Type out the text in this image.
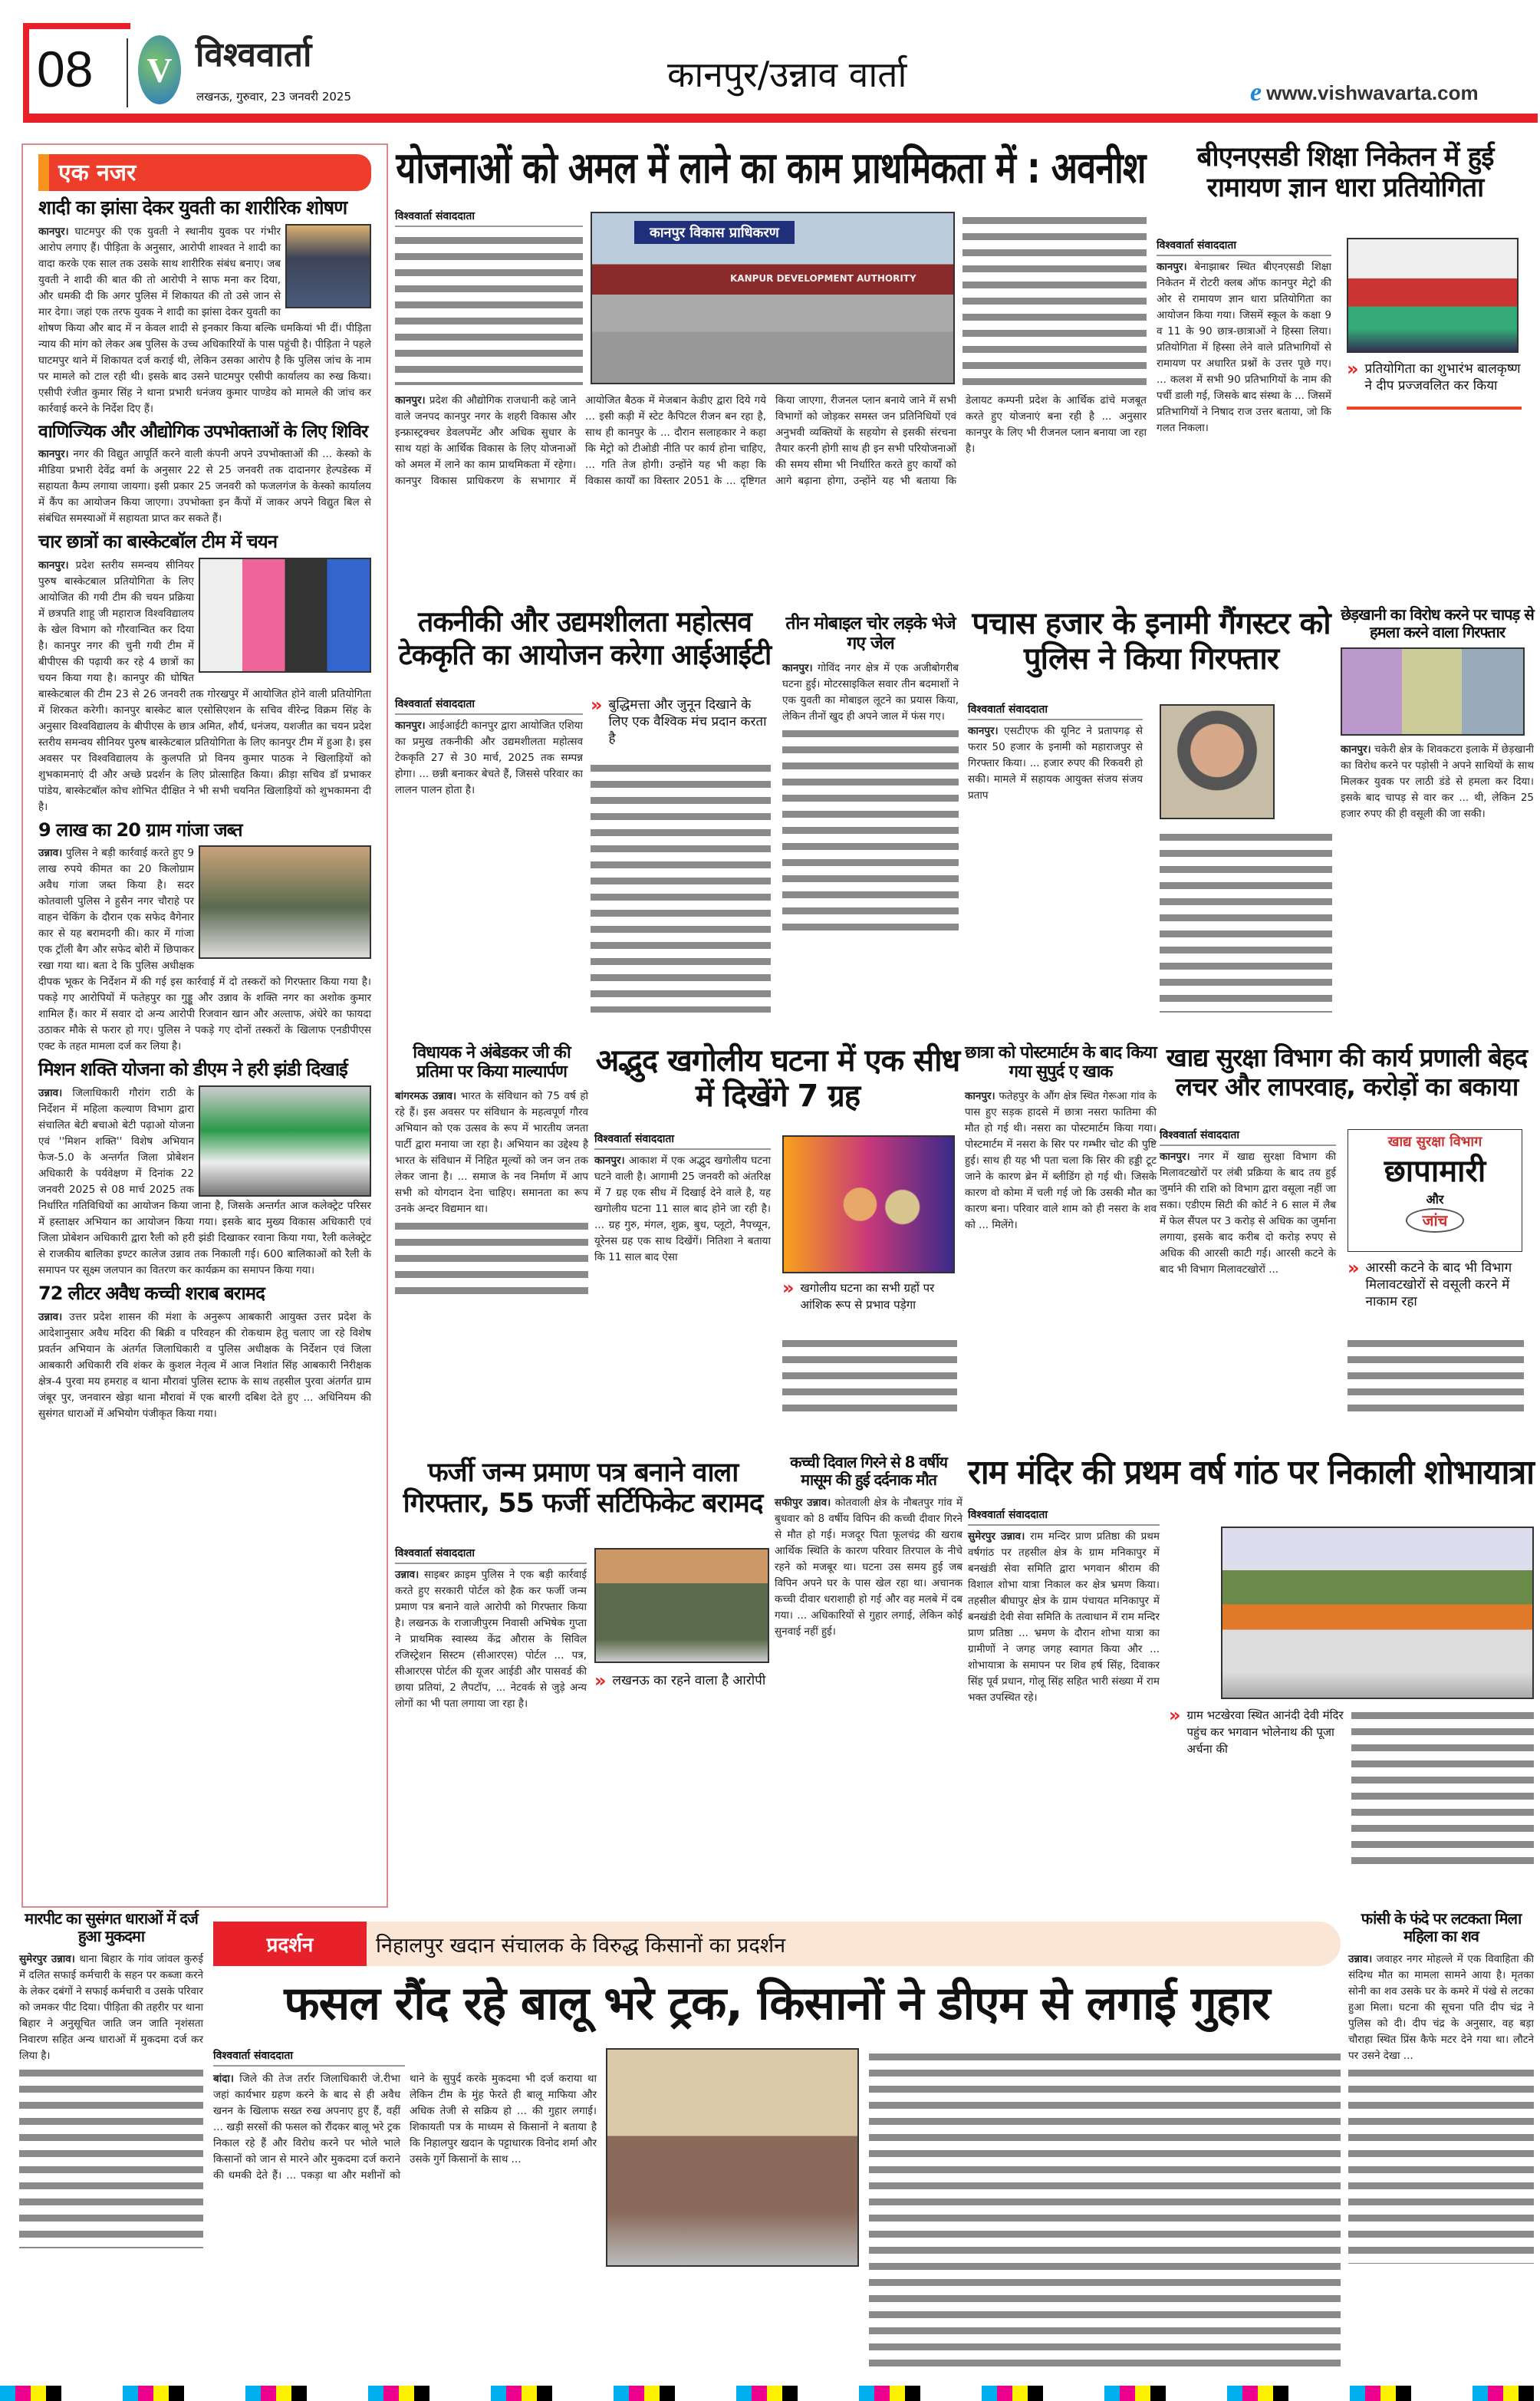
08 V विश्ववार्ता
लखनऊ, गुरुवार, 23 जनवरी 2025
कानपुर/उन्नाव वार्ता	e www.vishwavarta.com
एक नजर
शादी का झांसा देकर युवती का शारीरिक शोषण

कानपुर। घाटमपुर की एक युवती ने स्थानीय युवक पर गंभीर आरोप लगाए हैं। पीड़िता के अनुसार, आरोपी शाश्वत ने शादी का वादा करके एक साल तक उसके साथ शारीरिक संबंध बनाए। जब युवती ने शादी की बात की तो आरोपी ने साफ मना कर दिया, और धमकी दी कि अगर पुलिस में शिकायत की तो उसे जान से मार देगा। जहां एक तरफ युवक ने शादी का झांसा देकर युवती का शोषण किया और बाद में न केवल शादी से इनकार किया बल्कि धमकियां भी दीं। पीड़िता न्याय की मांग को लेकर अब पुलिस के उच्च अधिकारियों के पास पहुंची है। पीड़िता ने पहले घाटमपुर थाने में शिकायत दर्ज कराई थी, लेकिन उसका आरोप है कि पुलिस जांच के नाम पर मामले को टाल रही थी। इसके बाद उसने घाटमपुर एसीपी कार्यालय का रुख किया। एसीपी रंजीत कुमार सिंह ने थाना प्रभारी धनंजय कुमार पाण्डेय को मामले की जांच कर कार्रवाई करने के निर्देश दिए हैं।

वाणिज्यिक और औद्योगिक उपभोक्ताओं के लिए शिविर

कानपुर। नगर की विद्युत आपूर्ति करने वाली कंपनी अपने उपभोक्ताओं की ... केस्को के मीडिया प्रभारी देवेंद्र वर्मा के अनुसार 22 से 25 जनवरी तक दादानगर हेल्पडेस्क में सहायता कैम्प लगाया जायगा। इसी प्रकार 25 जनवरी को फजलगंज के केस्को कार्यालय में कैंप का आयोजन किया जाएगा। उपभोक्ता इन कैंपों में जाकर अपने विद्युत बिल से संबंधित समस्याओं में सहायता प्राप्त कर सकते हैं।

चार छात्रों का बास्केटबॉल टीम में चयन

कानपुर। प्रदेश स्तरीय समन्वय सीनियर पुरुष बास्केटबाल प्रतियोगिता के लिए आयोजित की गयी टीम की चयन प्रक्रिया में छत्रपति शाहू जी महाराज विश्वविद्यालय के खेल विभाग को गौरवान्वित कर दिया है। कानपुर नगर की चुनी गयी टीम में बीपीएस की पढ़ायी कर रहे 4 छात्रों का चयन किया गया है। कानपुर की घोषित बास्केटबाल की टीम 23 से 26 जनवरी तक गोरखपुर में आयोजित होने वाली प्रतियोगिता में शिरकत करेगी। कानपुर बास्केट बाल एसोसिएशन के सचिव वीरेन्द्र विक्रम सिंह के अनुसार विश्वविद्यालय के बीपीएस के छात्र अमित, शौर्य, धनंजय, यशजीत का चयन प्रदेश स्तरीय समन्वय सीनियर पुरुष बास्केटबाल प्रतियोगिता के लिए कानपुर टीम में हुआ है। इस अवसर पर विश्वविद्यालय के कुलपति प्रो विनय कुमार पाठक ने खिलाड़ियों को शुभकामनाएं दी और अच्छे प्रदर्शन के लिए प्रोत्साहित किया। क्रीड़ा सचिव डॉ प्रभाकर पांडेय, बास्केटबॉल कोच शोभित दीक्षित ने भी सभी चयनित खिलाड़ियों को शुभकामना दी है।

9 लाख का 20 ग्राम गांजा जब्त

उन्नाव। पुलिस ने बड़ी कार्रवाई करते हुए 9 लाख रुपये कीमत का 20 किलोग्राम अवैध गांजा जब्त किया है। सदर कोतवाली पुलिस ने हुसैन नगर चौराहे पर वाहन चेकिंग के दौरान एक सफेद वैगेनार कार से यह बरामदगी की। कार में गांजा एक ट्रॉली बैग और सफेद बोरी में छिपाकर रखा गया था। बता दे कि पुलिस अधीक्षक दीपक भूकर के निर्देशन में की गई इस कार्रवाई में दो तस्करों को गिरफ्तार किया गया है। पकड़े गए आरोपियों में फतेहपुर का गुड्डू और उन्नाव के शक्ति नगर का अशोक कुमार शामिल हैं। कार में सवार दो अन्य आरोपी रिजवान खान और अल्ताफ, अंधेरे का फायदा उठाकर मौके से फरार हो गए। पुलिस ने पकड़े गए दोनों तस्करों के खिलाफ एनडीपीएस एक्ट के तहत मामला दर्ज कर लिया है।

मिशन शक्ति योजना को डीएम ने हरी झंडी दिखाई

उन्नाव। जिलाधिकारी गौरांग राठी के निर्देशन में महिला कल्याण विभाग द्वारा संचालित बेटी बचाओ बेटी पढ़ाओ योजना एवं ''मिशन शक्ति'' विशेष अभियान फेज-5.0 के अन्तर्गत जिला प्रोबेशन अधिकारी के पर्यवेक्षण में दिनांक 22 जनवरी 2025 से 08 मार्च 2025 तक निर्धारित गतिविधियों का आयोजन किया जाना है, जिसके अन्तर्गत आज कलेक्ट्रेट परिसर में हस्ताक्षर अभियान का आयोजन किया गया। इसके बाद मुख्य विकास अधिकारी एवं जिला प्रोबेशन अधिकारी द्वारा रैली को हरी झंडी दिखाकर रवाना किया गया, रैली कलेक्ट्रेट से राजकीय बालिका इण्टर कालेज उन्नाव तक निकाली गई। 600 बालिकाओं को रैली के समापन पर सूक्ष्म जलपान का वितरण कर कार्यक्रम का समापन किया गया।

72 लीटर अवैध कच्ची शराब बरामद

उन्नाव। उत्तर प्रदेश शासन की मंशा के अनुरूप आबकारी आयुक्त उत्तर प्रदेश के आदेशानुसार अवैध मदिरा की बिक्री व परिवहन की रोकथाम हेतु चलाए जा रहे विशेष प्रवर्तन अभियान के अंतर्गत जिलाधिकारी व पुलिस अधीक्षक के निर्देशन एवं जिला आबकारी अधिकारी रवि शंकर के कुशल नेतृत्व में आज निशांत सिंह आबकारी निरीक्षक क्षेत्र-4 पुरवा मय हमराह व थाना मौरावां पुलिस स्टाफ के साथ तहसील पुरवा अंतर्गत ग्राम जंबूर पुर, जनवारन खेड़ा थाना मौरावां में एक बारगी दबिश देते हुए ... अधिनियम की सुसंगत धाराओं में अभियोग पंजीकृत किया गया।

योजनाओं को अमल में लाने का काम प्राथमिकता में : अवनीश
विश्ववार्ता संवाददाता
कानपुर विकास प्राधिकरण
KANPUR DEVELOPMENT AUTHORITY
कानपुर। प्रदेश की औद्योगिक राजधानी कहे जाने वाले जनपद कानपुर नगर के शहरी विकास और इन्फ्रास्ट्रक्चर डेवलपमेंट और अधिक सुधार के साथ यहां के आर्थिक विकास के लिए योजनाओं को अमल में लाने का काम प्राथमिकता में रहेगा। कानपुर विकास प्राधिकरण के सभागार में आयोजित बैठक में मेजबान केडीए द्वारा दिये गये ... इसी कड़ी में स्टेट कैपिटल रीजन बन रहा है, साथ ही कानपुर के ... दौरान सलाहकार ने कहा कि मेट्रो को टीओडी नीति पर कार्य होना चाहिए, ... गति तेज होगी। उन्होंने यह भी कहा कि विकास कार्यों का विस्तार 2051 के ... दृष्टिगत किया जाएगा, रीजनल प्लान बनाये जाने में सभी विभागों को जोड़कर समस्त जन प्रतिनिधियों एवं अनुभवी व्यक्तियों के सहयोग से इसकी संरचना तैयार करनी होगी साथ ही इन सभी परियोजनाओं की समय सीमा भी निर्धारित करते हुए कार्यों को आगे बढ़ाना होगा, उन्होंने यह भी बताया कि डेलायट कम्पनी प्रदेश के आर्थिक ढांचे मजबूत करते हुए योजनाएं बना रही है ... अनुसार कानपुर के लिए भी रीजनल प्लान बनाया जा रहा है।
बीएनएसडी शिक्षा निकेतन में हुई रामायण ज्ञान धारा प्रतियोगिता
विश्ववार्ता संवाददाता

कानपुर। बेनाझाबर स्थित बीएनएसडी शिक्षा निकेतन में रोटरी क्लब ऑफ कानपुर मेट्रो की ओर से रामायण ज्ञान धारा प्रतियोगिता का आयोजन किया गया। जिसमें स्कूल के कक्षा 9 व 11 के 90 छात्र-छात्राओं ने हिस्सा लिया। प्रतियोगिता में हिस्सा लेने वाले प्रतिभागियों से रामायण पर अधारित प्रश्नों के उत्तर पूछे गए। ... कलश में सभी 90 प्रतिभागियों के नाम की पर्ची डाली गई, जिसके बाद संस्था के ... जिसमें प्रतिभागियों ने निषाद राज उत्तर बताया, जो कि गलत निकला।

» प्रतियोगिता का शुभारंभ बालकृष्ण ने दीप प्रज्जवलित कर किया
तकनीकी और उद्यमशीलता महोत्सव टेककृति का आयोजन करेगा आईआईटी
विश्ववार्ता संवाददाता

कानपुर। आईआईटी कानपुर द्वारा आयोजित एशिया का प्रमुख तकनीकी और उद्यमशीलता महोत्सव टेककृति 27 से 30 मार्च, 2025 तक सम्पन्न होगा। ... छन्नी बनाकर बेचते हैं, जिससे परिवार का लालन पालन होता है।

» बुद्धिमत्ता और जुनून दिखाने के लिए एक वैश्विक मंच प्रदान करता है
तीन मोबाइल चोर लड़के भेजे गए जेल

कानपुर। गोविंद नगर क्षेत्र में एक अजीबोगरीब घटना हुई। मोटरसाइकिल सवार तीन बदमाशों ने एक युवती का मोबाइल लूटने का प्रयास किया, लेकिन तीनों खुद ही अपने जाल में फंस गए।

पचास हजार के इनामी गैंगस्टर को पुलिस ने किया गिरफ्तार
विश्ववार्ता संवाददाता

कानपुर। एसटीएफ की यूनिट ने प्रतापगढ़ से फरार 50 हजार के इनामी को महाराजपुर से गिरफ्तार किया। ... हजार रुपए की रिकवरी हो सकी। मामले में सहायक आयुक्त संजय संजय प्रताप

छेड़खानी का विरोध करने पर चापड़ से हमला करने वाला गिरफ्तार

कानपुर। चकेरी क्षेत्र के शिवकटरा इलाके में छेड़खानी का विरोध करने पर पड़ोसी ने अपने साथियों के साथ मिलकर युवक पर लाठी डंडे से हमला कर दिया। इसके बाद चापड़ से वार कर ... थी, लेकिन 25 हजार रुपए की ही वसूली की जा सकी।

विधायक ने अंबेडकर जी की प्रतिमा पर किया माल्यार्पण

बांगरमऊ उन्नाव। भारत के संविधान को 75 वर्ष हो रहे हैं। इस अवसर पर संविधान के महत्वपूर्ण गौरव अभियान को एक उत्सव के रूप में भारतीय जनता पार्टी द्वारा मनाया जा रहा है। अभियान का उद्देश्य है भारत के संविधान में निहित मूल्यों को जन जन तक लेकर जाना है। ... समाज के नव निर्माण में आप सभी को योगदान देना चाहिए। समानता का रूप उनके अन्दर विद्यमान था।

अद्भुद खगोलीय घटना में एक सीध में दिखेंगे 7 ग्रह
विश्ववार्ता संवाददाता

कानपुर। आकाश में एक अद्भुद खगोलीय घटना घटने वाली है। आगामी 25 जनवरी को अंतरिक्ष में 7 ग्रह एक सीध में दिखाई देने वाले है, यह खगोलीय घटना 11 साल बाद होने जा रही है। ... ग्रह गुरु, मंगल, शुक्र, बुध, प्लूटो, नैपच्यून, यूरेनस ग्रह एक साथ दिखेंगें। नितिशा ने बताया कि 11 साल बाद ऐसा

» खगोलीय घटना का सभी ग्रहों पर आंशिक रूप से प्रभाव पड़ेगा
छात्रा को पोस्टमार्टम के बाद किया गया सुपुर्द ए खाक

कानपुर। फतेहपुर के औंग क्षेत्र स्थित गेरूआ गांव के पास हुए सड़क हादसे में छात्रा नसरा फातिमा की मौत हो गई थी। नसरा का पोस्टमार्टम किया गया। पोस्टमार्टम में नसरा के सिर पर गम्भीर चोट की पुष्टि हुई। साथ ही यह भी पता चला कि सिर की हड्डी टूट जाने के कारण ब्रेन में ब्लीडिंग हो गई थी। जिसके कारण वो कोमा में चली गई जो कि उसकी मौत का कारण बना। परिवार वाले शाम को ही नसरा के शव को ... मिलेंगे।

खाद्य सुरक्षा विभाग की कार्य प्रणाली बेहद लचर और लापरवाह, करोड़ों का बकाया
विश्ववार्ता संवाददाता

कानपुर। नगर में खाद्य सुरक्षा विभाग की मिलावटखोरों पर लंबी प्रक्रिया के बाद तय हुई जुर्माने की राशि को विभाग द्वारा वसूला नहीं जा सका। एडीएम सिटी की कोर्ट ने 6 साल में लैब में फेल सैंपल पर 3 करोड़ से अधिक का जुर्माना लगाया, इसके बाद करीब दो करोड़ रुपए से अधिक की आरसी काटी गई। आरसी कटने के बाद भी विभाग मिलावटखोरों ...

खाद्य सुरक्षा विभाग
छापामारी
और
जांच
» आरसी कटने के बाद भी विभाग मिलावटखोरों से वसूली करने में नाकाम रहा
फर्जी जन्म प्रमाण पत्र बनाने वाला गिरफ्तार, 55 फर्जी सर्टिफिकेट बरामद
विश्ववार्ता संवाददाता

उन्नाव। साइबर क्राइम पुलिस ने एक बड़ी कार्रवाई करते हुए सरकारी पोर्टल को हैक कर फर्जी जन्म प्रमाण पत्र बनाने वाले आरोपी को गिरफ्तार किया है। लखनऊ के राजाजीपुरम निवासी अभिषेक गुप्ता ने प्राथमिक स्वास्थ्य केंद्र औरास के सिविल रजिस्ट्रेशन सिस्टम (सीआरएस) पोर्टल ... पत्र, सीआरएस पोर्टल की यूजर आईडी और पासवर्ड की छाया प्रतियां, 2 लैपटॉप, ... नेटवर्क से जुड़े अन्य लोगों का भी पता लगाया जा रहा है।

» लखनऊ का रहने वाला है आरोपी
कच्ची दिवाल गिरने से 8 वर्षीय मासूम की हुई दर्दनाक मौत

सफीपुर उन्नाव। कोतवाली क्षेत्र के नौबतपुर गांव में बुधवार को 8 वर्षीय विपिन की कच्ची दीवार गिरने से मौत हो गई। मजदूर पिता फूलचंद्र की खराब आर्थिक स्थिति के कारण परिवार तिरपाल के नीचे रहने को मजबूर था। घटना उस समय हुई जब विपिन अपने घर के पास खेल रहा था। अचानक कच्ची दीवार धराशाही हो गई और वह मलबे में दब गया। ... अधिकारियों से गुहार लगाई, लेकिन कोई सुनवाई नहीं हुई।

राम मंदिर की प्रथम वर्ष गांठ पर निकाली शोभायात्रा
विश्ववार्ता संवाददाता

सुमेरपुर उन्नाव। राम मन्दिर प्राण प्रतिष्ठा की प्रथम वर्षगांठ पर तहसील क्षेत्र के ग्राम मनिकापुर में बनखंडी सेवा समिति द्वारा भगवान श्रीराम की विशाल शोभा यात्रा निकाल कर क्षेत्र भ्रमण किया। तहसील बीघापुर क्षेत्र के ग्राम पंचायत मनिकापुर में बनखंडी देवी सेवा समिति के तत्वाधान में राम मन्दिर प्राण प्रतिष्ठा ... भ्रमण के दौरान शोभा यात्रा का ग्रामीणों ने जगह जगह स्वागत किया और ... शोभायात्रा के समापन पर शिव हर्ष सिंह, दिवाकर सिंह पूर्व प्रधान, गोलू सिंह सहित भारी संख्या में राम भक्त उपस्थित रहे।

» ग्राम भटखेरवा स्थित आनंदी देवी मंदिर पहुंच कर भगवान भोलेनाथ की पूजा अर्चना की
मारपीट का सुसंगत धाराओं में दर्ज हुआ मुकदमा

सुमेरपुर उन्नाव। थाना बिहार के गांव जांवल कुरुई में दलित सफाई कर्मचारी के सहन पर कब्जा करने के लेकर दबंगों ने सफाई कर्मचारी व उसके परिवार को जमकर पीट दिया। पीड़िता की तहरीर पर थाना बिहार ने अनुसूचित जाति जन जाति नृशंसता निवारण सहित अन्य धाराओं में मुकदमा दर्ज कर लिया है।

प्रदर्शन	निहालपुर खदान संचालक के विरुद्ध किसानों का प्रदर्शन
फसल रौंद रहे बालू भरे ट्रक, किसानों ने डीएम से लगाई गुहार
विश्ववार्ता संवाददाता
बांदा। जिले की तेज तर्रार जिलाधिकारी जे.रीभा जहां कार्यभार ग्रहण करने के बाद से ही अवैध खनन के खिलाफ सख्त रुख अपनाए हुए हैं, वहीं ... खड़ी सरसों की फसल को रौंदकर बालू भरे ट्रक निकाल रहे हैं और विरोध करने पर भोले भाले किसानों को जान से मारने और मुकदमा दर्ज कराने की धमकी देते हैं। ... पकड़ा था और मशीनों को थाने के सुपुर्द करके मुकदमा भी दर्ज कराया था लेकिन टीम के मुंह फेरते ही बालू माफिया और अधिक तेजी से सक्रिय हो ... की गुहार लगाई। शिकायती पत्र के माध्यम से किसानों ने बताया है कि निहालपुर खदान के पट्टाधारक विनोद शर्मा और उसके गुर्गे किसानों के साथ ...
फांसी के फंदे पर लटकता मिला महिला का शव

उन्नाव। जवाहर नगर मोहल्ले में एक विवाहिता की संदिग्ध मौत का मामला सामने आया है। मृतका सोनी का शव उसके घर के कमरे में पंखे से लटका हुआ मिला। घटना की सूचना पति दीप चंद्र ने पुलिस को दी। दीप चंद्र के अनुसार, वह बड़ा चौराहा स्थित प्रिंस कैफे मटर देने गया था। लौटने पर उसने देखा ...
